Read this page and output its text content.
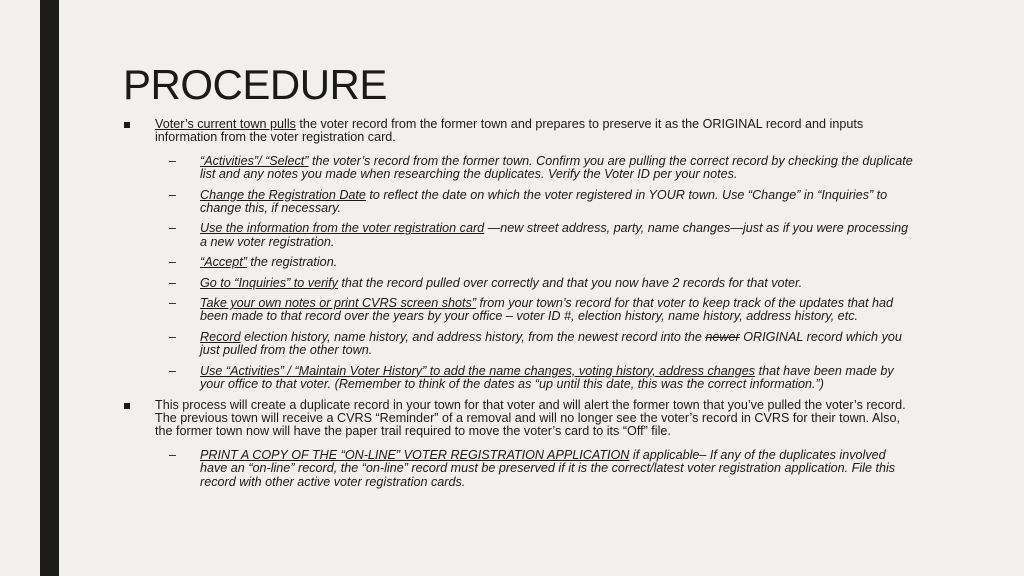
PROCEDURE
Voter’s current town pulls the voter record from the former town and prepares to preserve it as the ORIGINAL record and inputs information from the voter registration card.
– “Activities”/ “Select” the voter’s record from the former town. Confirm you are pulling the correct record by checking the duplicate list and any notes you made when researching the duplicates. Verify the Voter ID per your notes.
– Change the Registration Date to reflect the date on which the voter registered in YOUR town. Use “Change” in “Inquiries” to change this, if necessary.
– Use the information from the voter registration card —new street address, party, name changes—just as if you were processing a new voter registration.
– “Accept” the registration.
– Go to “Inquiries” to verify that the record pulled over correctly and that you now have 2 records for that voter.
– Take your own notes or print CVRS screen shots” from your town’s record for that voter to keep track of the updates that had been made to that record over the years by your office – voter ID #, election history, name history, address history, etc.
– Record election history, name history, and address history, from the newest record into the newer ORIGINAL record which you just pulled from the other town.
– Use “Activities” / “Maintain Voter History” to add the name changes, voting history, address changes that have been made by your office to that voter. (Remember to think of the dates as “up until this date, this was the correct information.”)
This process will create a duplicate record in your town for that voter and will alert the former town that you’ve pulled the voter’s record. The previous town will receive a CVRS “Reminder” of a removal and will no longer see the voter’s record in CVRS for their town. Also, the former town now will have the paper trail required to move the voter’s card to its “Off” file.
– PRINT A COPY OF THE “ON-LINE” VOTER REGISTRATION APPLICATION if applicable– If any of the duplicates involved have an “on-line” record, the “on-line” record must be preserved if it is the correct/latest voter registration application. File this record with other active voter registration cards.
